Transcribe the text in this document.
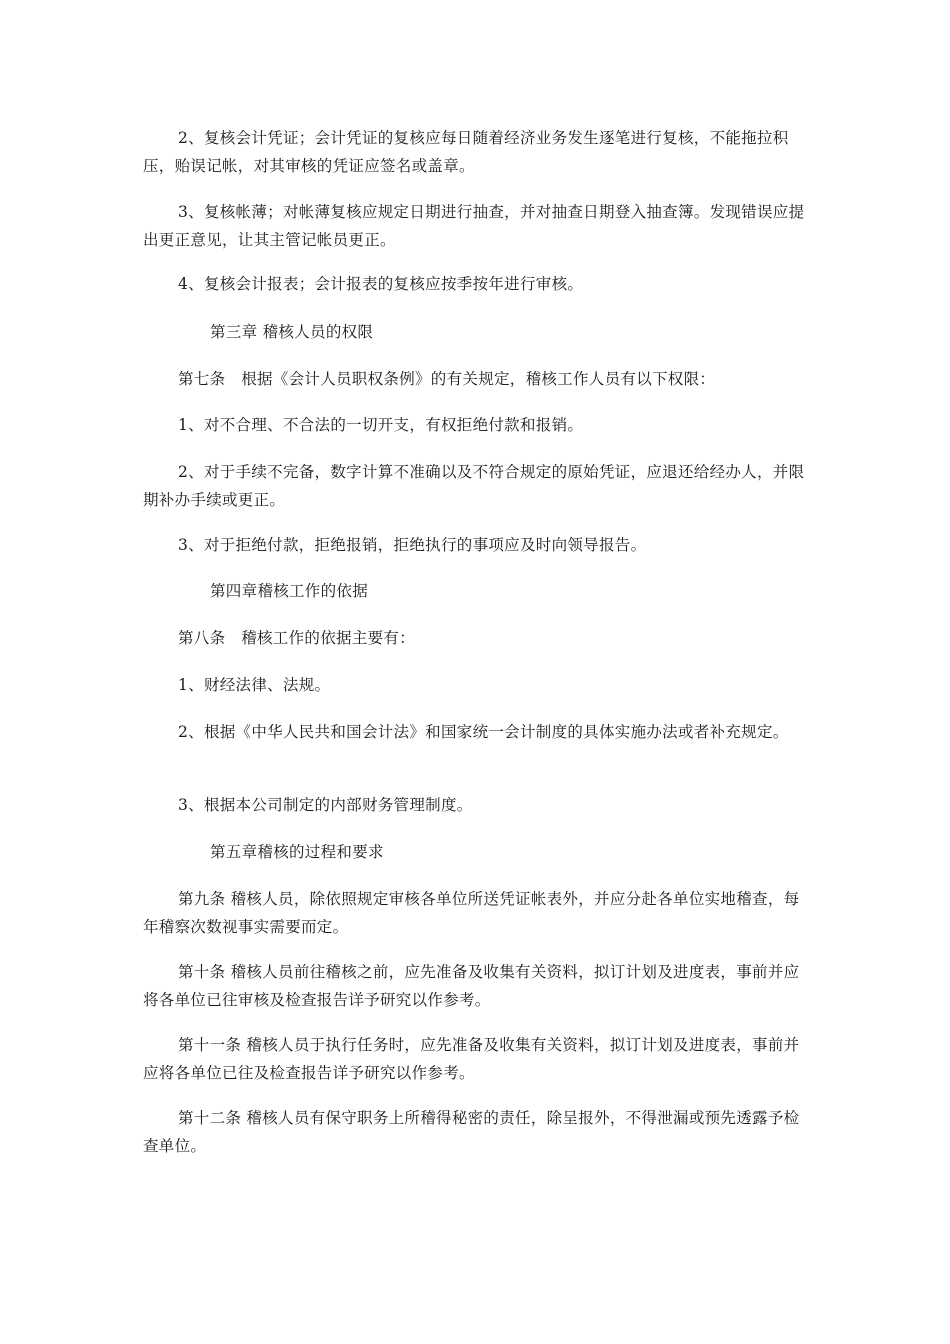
2、复核会计凭证；会计凭证的复核应每日随着经济业务发生逐笔进行复核，不能拖拉积压，贻误记帐，对其审核的凭证应签名或盖章。

3、复核帐薄；对帐薄复核应规定日期进行抽查，并对抽查日期登入抽查簿。发现错误应提出更正意见，让其主管记帐员更正。

4、复核会计报表；会计报表的复核应按季按年进行审核。

第三章 稽核人员的权限

第七条　根据《会计人员职权条例》的有关规定，稽核工作人员有以下权限：

1、对不合理、不合法的一切开支，有权拒绝付款和报销。

2、对于手续不完备，数字计算不准确以及不符合规定的原始凭证，应退还给经办人，并限期补办手续或更正。

3、对于拒绝付款，拒绝报销，拒绝执行的事项应及时向领导报告。

第四章稽核工作的依据

第八条　稽核工作的依据主要有：

1、财经法律、法规。

2、根据《中华人民共和国会计法》和国家统一会计制度的具体实施办法或者补充规定。

3、根据本公司制定的内部财务管理制度。

第五章稽核的过程和要求

第九条 稽核人员，除依照规定审核各单位所送凭证帐表外，并应分赴各单位实地稽查，每年稽察次数视事实需要而定。

第十条 稽核人员前往稽核之前，应先准备及收集有关资料，拟订计划及进度表，事前并应将各单位已往审核及检查报告详予研究以作参考。

第十一条 稽核人员于执行任务时，应先准备及收集有关资料，拟订计划及进度表，事前并应将各单位已往及检查报告详予研究以作参考。

第十二条 稽核人员有保守职务上所稽得秘密的责任，除呈报外，不得泄漏或预先透露予检查单位。
